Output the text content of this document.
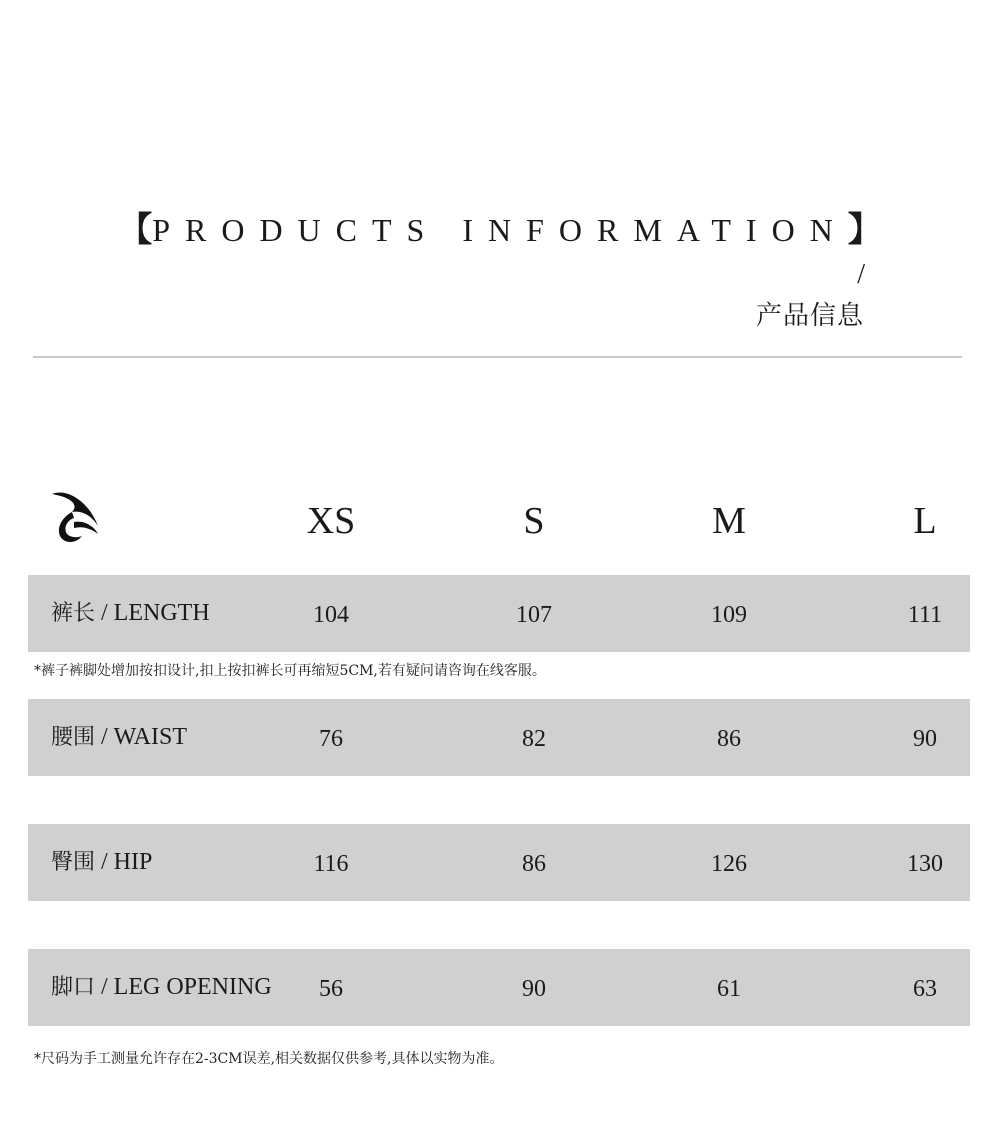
【PRODUCTS INFORMATION】
/
产品信息
XS	S	M	L
裤长 / LENGTH	104	107	109	111
*裤子裤脚处增加按扣设计,扣上按扣裤长可再缩短5CM,若有疑问请咨询在线客服。
腰围 / WAIST	76	82	86	90
臀围 / HIP	116	86	126	130
脚口 / LEG OPENING	56	90	61	63
*尺码为手工测量允许存在2-3CM误差,相关数据仅供参考,具体以实物为准。
